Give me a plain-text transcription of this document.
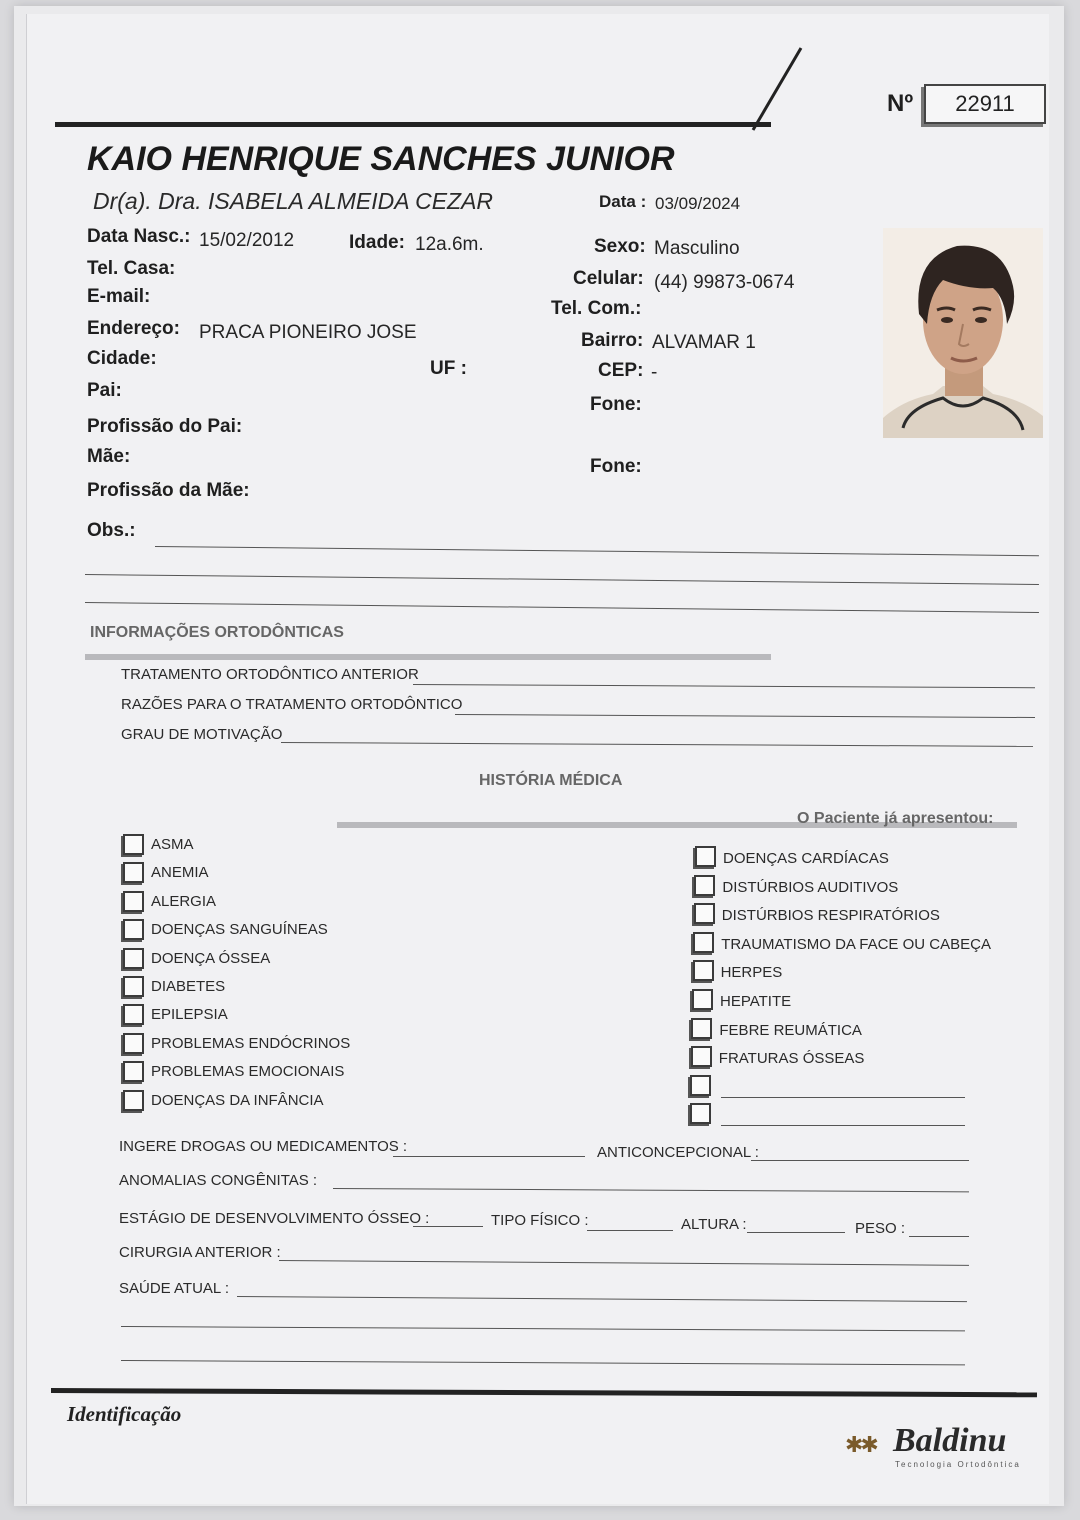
Nº	22911
KAIO HENRIQUE SANCHES JUNIOR
Dr(a). Dra. ISABELA ALMEIDA CEZAR	Data : 03/09/2024
Data Nasc.: 15/02/2012	Idade: 12a.6m.
Tel. Casa:
E-mail:
Endereço: PRACA PIONEIRO JOSE
Cidade:	UF :
Pai:
Profissão do Pai:
Mãe:
Profissão da Mãe:
Sexo: Masculino
Celular: (44) 99873-0674
Tel. Com.:
Bairro: ALVAMAR 1
CEP: -
Fone:
Fone:
Obs.:
INFORMAÇÕES ORTODÔNTICAS
TRATAMENTO ORTODÔNTICO ANTERIOR
RAZÕES PARA O TRATAMENTO ORTODÔNTICO
GRAU DE MOTIVAÇÃO
HISTÓRIA MÉDICA
O Paciente já apresentou:
INGERE DROGAS OU MEDICAMENTOS :	ANTICONCEPCIONAL :
ANOMALIAS CONGÊNITAS :
ESTÁGIO DE DESENVOLVIMENTO ÓSSEO :	TIPO FÍSICO :	ALTURA :	PESO :
CIRURGIA ANTERIOR :
SAÚDE ATUAL :
Identificação
✱✱ Baldinu
Tecnologia Ortodôntica
ASMA
ANEMIA
ALERGIA
DOENÇAS SANGUÍNEAS
DOENÇA ÓSSEA
DIABETES
EPILEPSIA
PROBLEMAS ENDÓCRINOS
PROBLEMAS EMOCIONAIS
DOENÇAS DA INFÂNCIA
DOENÇAS CARDÍACAS
DISTÚRBIOS AUDITIVOS
DISTÚRBIOS RESPIRATÓRIOS
TRAUMATISMO DA FACE OU CABEÇA
HERPES
HEPATITE
FEBRE REUMÁTICA
FRATURAS ÓSSEAS
